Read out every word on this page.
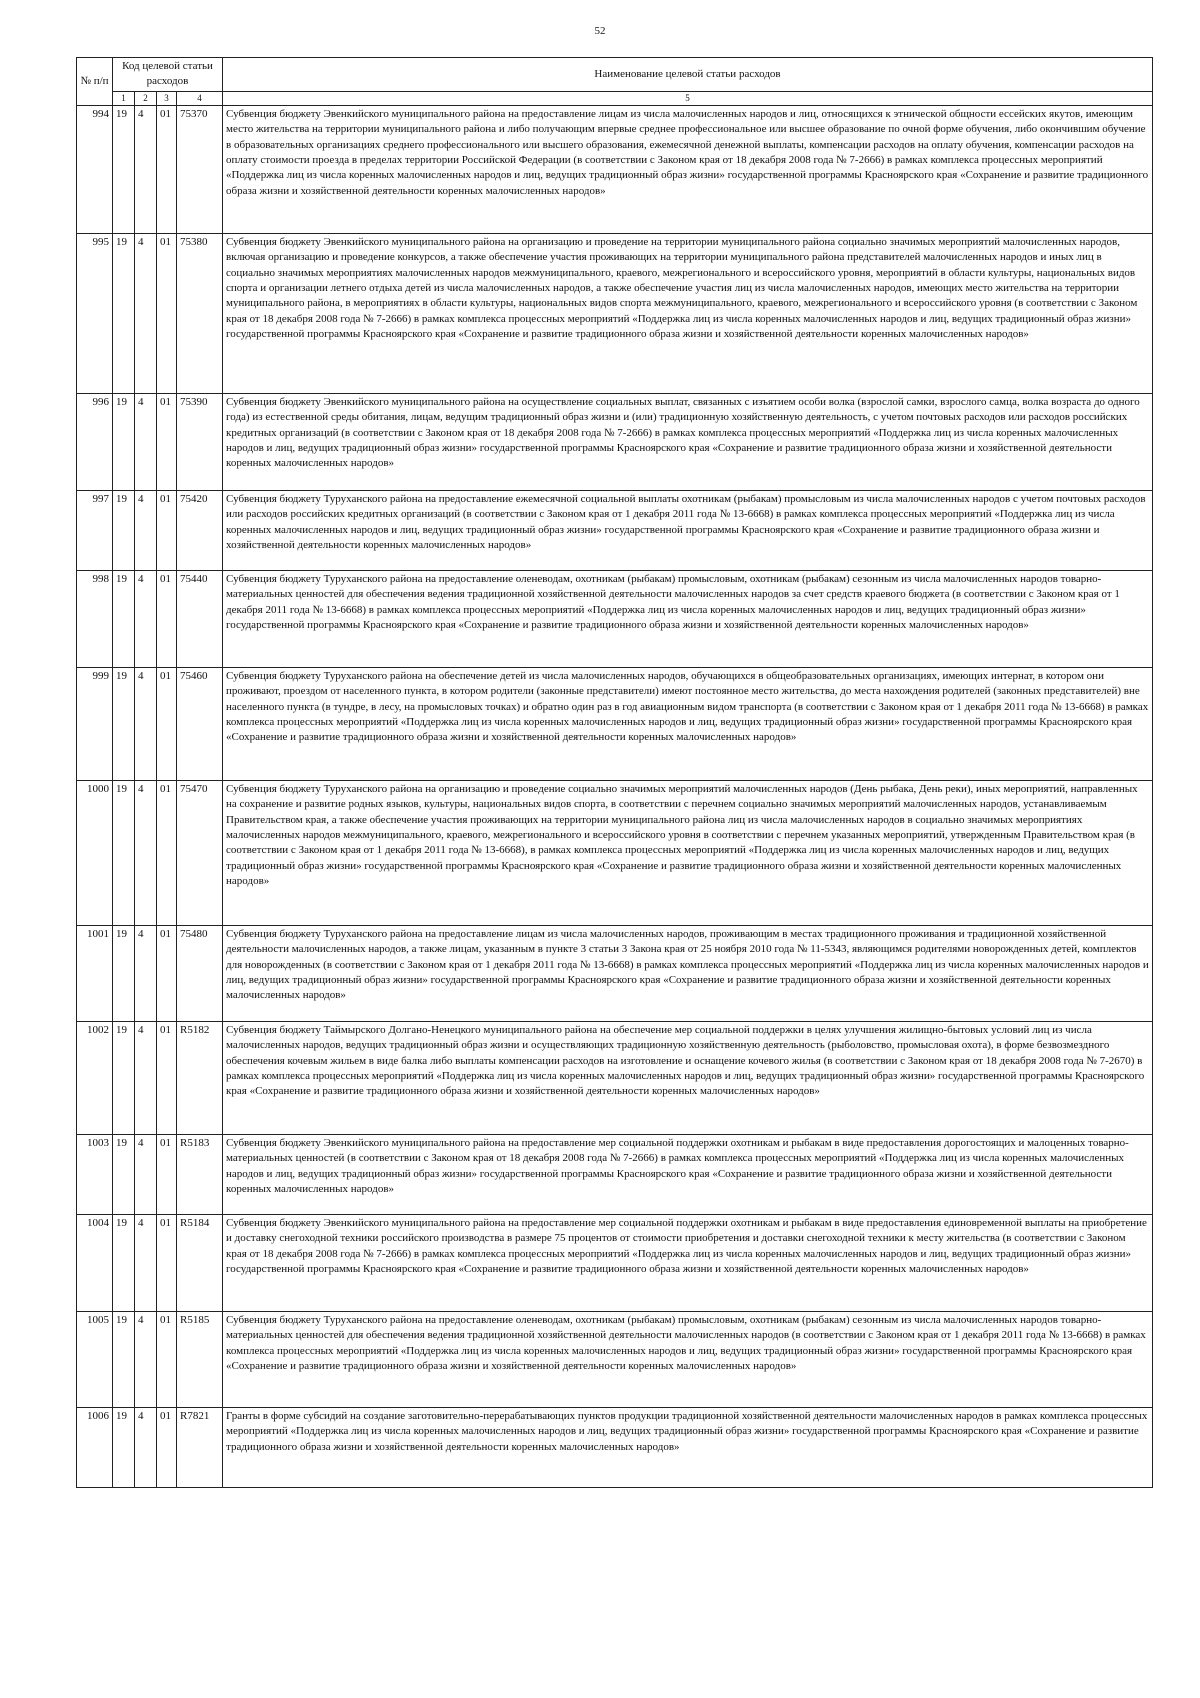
52
№ п/п	Код целевой статьи расходов				Наименование целевой статьи расходов
	1	2	3	4	5

994	19	4	01	75370	Субвенция бюджету Эвенкийского муниципального района на предоставление лицам из числа малочисленных народов и лиц, относящихся к этнической общности ессейских якутов, имеющим место жительства на территории муниципального района и либо получающим впервые среднее профессиональное или высшее образование по очной форме обучения, либо окончившим обучение в образовательных организациях среднего профессионального или высшего образования, ежемесячной денежной выплаты, компенсации расходов на оплату обучения, компенсации расходов на оплату стоимости проезда в пределах территории Российской Федерации (в соответствии с Законом края от 18 декабря 2008 года № 7-2666) в рамках комплекса процессных мероприятий «Поддержка лиц из числа коренных малочисленных народов и лиц, ведущих традиционный образ жизни» государственной программы Красноярского края «Сохранение и развитие традиционного образа жизни и хозяйственной деятельности коренных малочисленных народов»
995	19	4	01	75380	Субвенция бюджету Эвенкийского муниципального района на организацию и проведение на территории муниципального района социально значимых мероприятий малочисленных народов, включая организацию и проведение конкурсов, а также обеспечение участия проживающих на территории муниципального района представителей малочисленных народов и иных лиц в социально значимых мероприятиях малочисленных народов межмуниципального, краевого, межрегионального и всероссийского уровня, мероприятий в области культуры, национальных видов спорта и организации летнего отдыха детей из числа малочисленных народов, а также обеспечение участия лиц из числа малочисленных народов, имеющих место жительства на территории муниципального района, в мероприятиях в области культуры, национальных видов спорта межмуниципального, краевого, межрегионального и всероссийского уровня (в соответствии с Законом края от 18 декабря 2008 года № 7-2666) в рамках комплекса процессных мероприятий «Поддержка лиц из числа коренных малочисленных народов и лиц, ведущих традиционный образ жизни» государственной программы Красноярского края «Сохранение и развитие традиционного образа жизни и хозяйственной деятельности коренных малочисленных народов»
996	19	4	01	75390	Субвенция бюджету Эвенкийского муниципального района на осуществление социальных выплат, связанных с изъятием особи волка (взрослой самки, взрослого самца, волка возраста до одного года) из естественной среды обитания, лицам, ведущим традиционный образ жизни и (или) традиционную хозяйственную деятельность, с учетом почтовых расходов или расходов российских кредитных организаций (в соответствии с Законом края от 18 декабря 2008 года № 7-2666) в рамках комплекса процессных мероприятий «Поддержка лиц из числа коренных малочисленных народов и лиц, ведущих традиционный образ жизни» государственной программы Красноярского края «Сохранение и развитие традиционного образа жизни и хозяйственной деятельности коренных малочисленных народов»
997	19	4	01	75420	Субвенция бюджету Туруханского района на предоставление ежемесячной социальной выплаты охотникам (рыбакам) промысловым из числа малочисленных народов с учетом почтовых расходов или расходов российских кредитных организаций (в соответствии с Законом края от 1 декабря 2011 года № 13-6668) в рамках комплекса процессных мероприятий «Поддержка лиц из числа коренных малочисленных народов и лиц, ведущих традиционный образ жизни» государственной программы Красноярского края «Сохранение и развитие традиционного образа жизни и хозяйственной деятельности коренных малочисленных народов»
998	19	4	01	75440	Субвенция бюджету Туруханского района на предоставление оленеводам, охотникам (рыбакам) промысловым, охотникам (рыбакам) сезонным из числа малочисленных народов товарно-материальных ценностей для обеспечения ведения традиционной хозяйственной деятельности малочисленных народов за счет средств краевого бюджета (в соответствии с Законом края от 1 декабря 2011 года № 13-6668) в рамках комплекса процессных мероприятий «Поддержка лиц из числа коренных малочисленных народов и лиц, ведущих традиционный образ жизни» государственной программы Красноярского края «Сохранение и развитие традиционного образа жизни и хозяйственной деятельности коренных малочисленных народов»
999	19	4	01	75460	Субвенция бюджету Туруханского района на обеспечение детей из числа малочисленных народов, обучающихся в общеобразовательных организациях, имеющих интернат, в котором они проживают, проездом от населенного пункта, в котором родители (законные представители) имеют постоянное место жительства, до места нахождения родителей (законных представителей) вне населенного пункта (в тундре, в лесу, на промысловых точках) и обратно один раз в год авиационным видом транспорта (в соответствии с Законом края от 1 декабря 2011 года № 13-6668) в рамках комплекса процессных мероприятий «Поддержка лиц из числа коренных малочисленных народов и лиц, ведущих традиционный образ жизни» государственной программы Красноярского края «Сохранение и развитие традиционного образа жизни и хозяйственной деятельности коренных малочисленных народов»
1000	19	4	01	75470	Субвенция бюджету Туруханского района на организацию и проведение социально значимых мероприятий малочисленных народов (День рыбака, День реки), иных мероприятий, направленных на сохранение и развитие родных языков, культуры, национальных видов спорта, в соответствии с перечнем социально значимых мероприятий малочисленных народов, устанавливаемым Правительством края, а также обеспечение участия проживающих на территории муниципального района лиц из числа малочисленных народов в социально значимых мероприятиях малочисленных народов межмуниципального, краевого, межрегионального и всероссийского уровня в соответствии с перечнем указанных мероприятий, утвержденным Правительством края (в соответствии с Законом края от 1 декабря 2011 года № 13-6668), в рамках комплекса процессных мероприятий «Поддержка лиц из числа коренных малочисленных народов и лиц, ведущих традиционный образ жизни» государственной программы Красноярского края «Сохранение и развитие традиционного образа жизни и хозяйственной деятельности коренных малочисленных народов»
1001	19	4	01	75480	Субвенция бюджету Туруханского района на предоставление лицам из числа малочисленных народов, проживающим в местах традиционного проживания и традиционной хозяйственной деятельности малочисленных народов, а также лицам, указанным в пункте 3 статьи 3 Закона края от 25 ноября 2010 года № 11-5343, являющимся родителями новорожденных детей, комплектов для новорожденных (в соответствии с Законом края от 1 декабря 2011 года № 13-6668) в рамках комплекса процессных мероприятий «Поддержка лиц из числа коренных малочисленных народов и лиц, ведущих традиционный образ жизни» государственной программы Красноярского края «Сохранение и развитие традиционного образа жизни и хозяйственной деятельности коренных малочисленных народов»
1002	19	4	01	R5182	Субвенция бюджету Таймырского Долгано-Ненецкого муниципального района на обеспечение мер социальной поддержки в целях улучшения жилищно-бытовых условий лиц из числа малочисленных народов, ведущих традиционный образ жизни и осуществляющих традиционную хозяйственную деятельность (рыболовство, промысловая охота), в форме безвозмездного обеспечения кочевым жильем в виде балка либо выплаты компенсации расходов на изготовление и оснащение кочевого жилья (в соответствии с Законом края от 18 декабря 2008 года № 7-2670) в рамках комплекса процессных мероприятий «Поддержка лиц из числа коренных малочисленных народов и лиц, ведущих традиционный образ жизни» государственной программы Красноярского края «Сохранение и развитие традиционного образа жизни и хозяйственной деятельности коренных малочисленных народов»
1003	19	4	01	R5183	Субвенция бюджету Эвенкийского муниципального района на предоставление мер социальной поддержки охотникам и рыбакам в виде предоставления дорогостоящих и малоценных товарно-материальных ценностей (в соответствии с Законом края от 18 декабря 2008 года № 7-2666) в рамках комплекса процессных мероприятий «Поддержка лиц из числа коренных малочисленных народов и лиц, ведущих традиционный образ жизни» государственной программы Красноярского края «Сохранение и развитие традиционного образа жизни и хозяйственной деятельности коренных малочисленных народов»
1004	19	4	01	R5184	Субвенция бюджету Эвенкийского муниципального района на предоставление мер социальной поддержки охотникам и рыбакам в виде предоставления единовременной выплаты на приобретение и доставку снегоходной техники российского производства в размере 75 процентов от стоимости приобретения и доставки снегоходной техники к месту жительства (в соответствии с Законом края от 18 декабря 2008 года № 7-2666) в рамках комплекса процессных мероприятий «Поддержка лиц из числа коренных малочисленных народов и лиц, ведущих традиционный образ жизни» государственной программы Красноярского края «Сохранение и развитие традиционного образа жизни и хозяйственной деятельности коренных малочисленных народов»
1005	19	4	01	R5185	Субвенция бюджету Туруханского района на предоставление оленеводам, охотникам (рыбакам) промысловым, охотникам (рыбакам) сезонным из числа малочисленных народов товарно-материальных ценностей для обеспечения ведения традиционной хозяйственной деятельности малочисленных народов (в соответствии с Законом края от 1 декабря 2011 года № 13-6668) в рамках комплекса процессных мероприятий «Поддержка лиц из числа коренных малочисленных народов и лиц, ведущих традиционный образ жизни» государственной программы Красноярского края «Сохранение и развитие традиционного образа жизни и хозяйственной деятельности коренных малочисленных народов»
1006	19	4	01	R7821	Гранты в форме субсидий на создание заготовительно-перерабатывающих пунктов продукции традиционной хозяйственной деятельности малочисленных народов в рамках комплекса процессных мероприятий «Поддержка лиц из числа коренных малочисленных народов и лиц, ведущих традиционный образ жизни» государственной программы Красноярского края «Сохранение и развитие традиционного образа жизни и хозяйственной деятельности коренных малочисленных народов»
